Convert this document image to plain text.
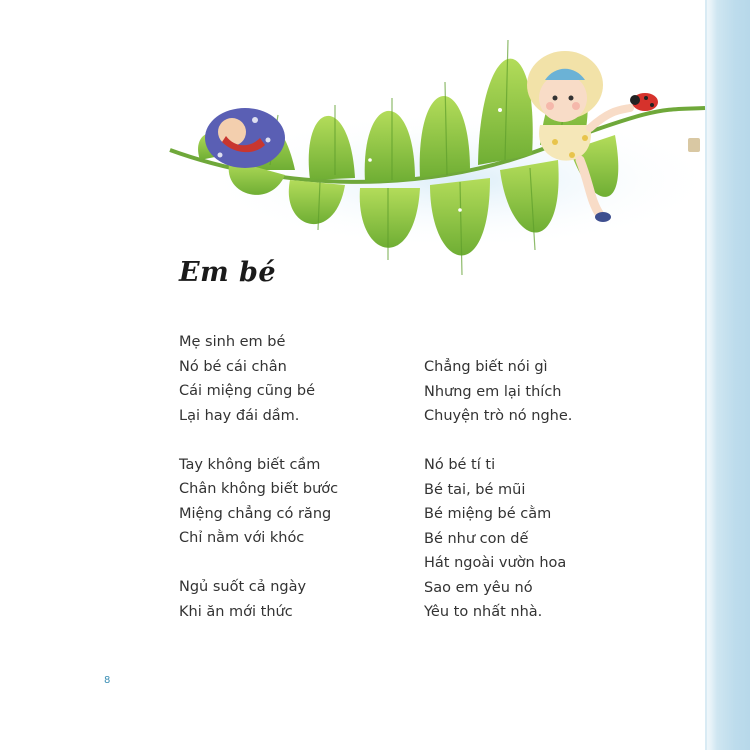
Em bé
Mẹ sinh em bé
Nó bé cái chân
Cái miệng cũng bé
Lại hay đái dầm.
Tay không biết cầm
Chân không biết bước
Miệng chẳng có răng
Chỉ nằm với khóc
Ngủ suốt cả ngày
Khi ăn mới thức
Chẳng biết nói gì
Nhưng em lại thích
Chuyện trò nó nghe.
Nó bé tí ti
Bé tai, bé mũi
Bé miệng bé cằm
Bé như con dế
Hát ngoài vườn hoa
Sao em yêu nó
Yêu to nhất nhà.
8
